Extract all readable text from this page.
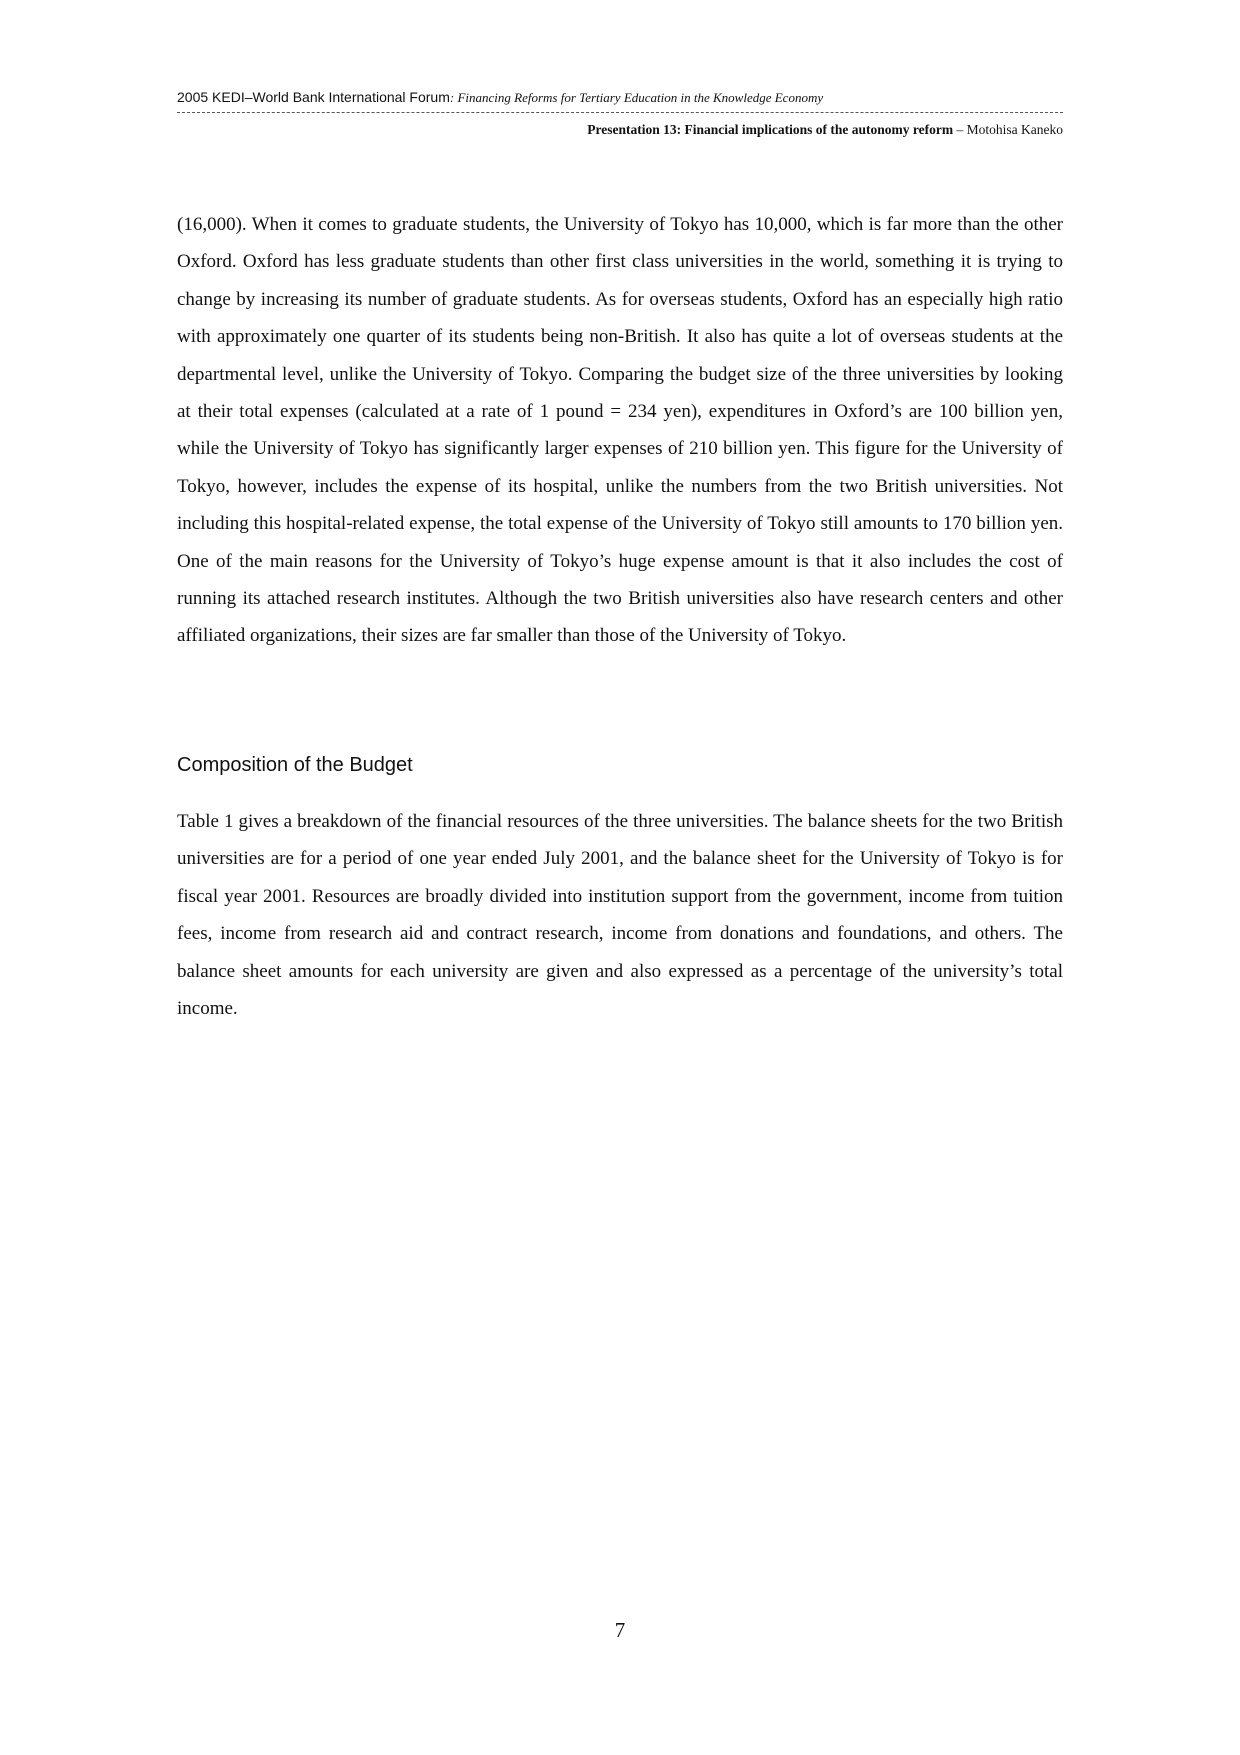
2005 KEDI–World Bank International Forum: Financing Reforms for Tertiary Education in the Knowledge Economy
Presentation 13: Financial implications of the autonomy reform – Motohisa Kaneko

(16,000). When it comes to graduate students, the University of Tokyo has 10,000, which is far more than the other Oxford. Oxford has less graduate students than other first class universities in the world, something it is trying to change by increasing its number of graduate students. As for overseas students, Oxford has an especially high ratio with approximately one quarter of its students being non-British. It also has quite a lot of overseas students at the departmental level, unlike the University of Tokyo. Comparing the budget size of the three universities by looking at their total expenses (calculated at a rate of 1 pound = 234 yen), expenditures in Oxford’s are 100 billion yen, while the University of Tokyo has significantly larger expenses of 210 billion yen. This figure for the University of Tokyo, however, includes the expense of its hospital, unlike the numbers from the two British universities. Not including this hospital-related expense, the total expense of the University of Tokyo still amounts to 170 billion yen. One of the main reasons for the University of Tokyo’s huge expense amount is that it also includes the cost of running its attached research institutes. Although the two British universities also have research centers and other affiliated organizations, their sizes are far smaller than those of the University of Tokyo.

Composition of the Budget

Table 1 gives a breakdown of the financial resources of the three universities. The balance sheets for the two British universities are for a period of one year ended July 2001, and the balance sheet for the University of Tokyo is for fiscal year 2001. Resources are broadly divided into institution support from the government, income from tuition fees, income from research aid and contract research, income from donations and foundations, and others. The balance sheet amounts for each university are given and also expressed as a percentage of the university’s total income.

7
